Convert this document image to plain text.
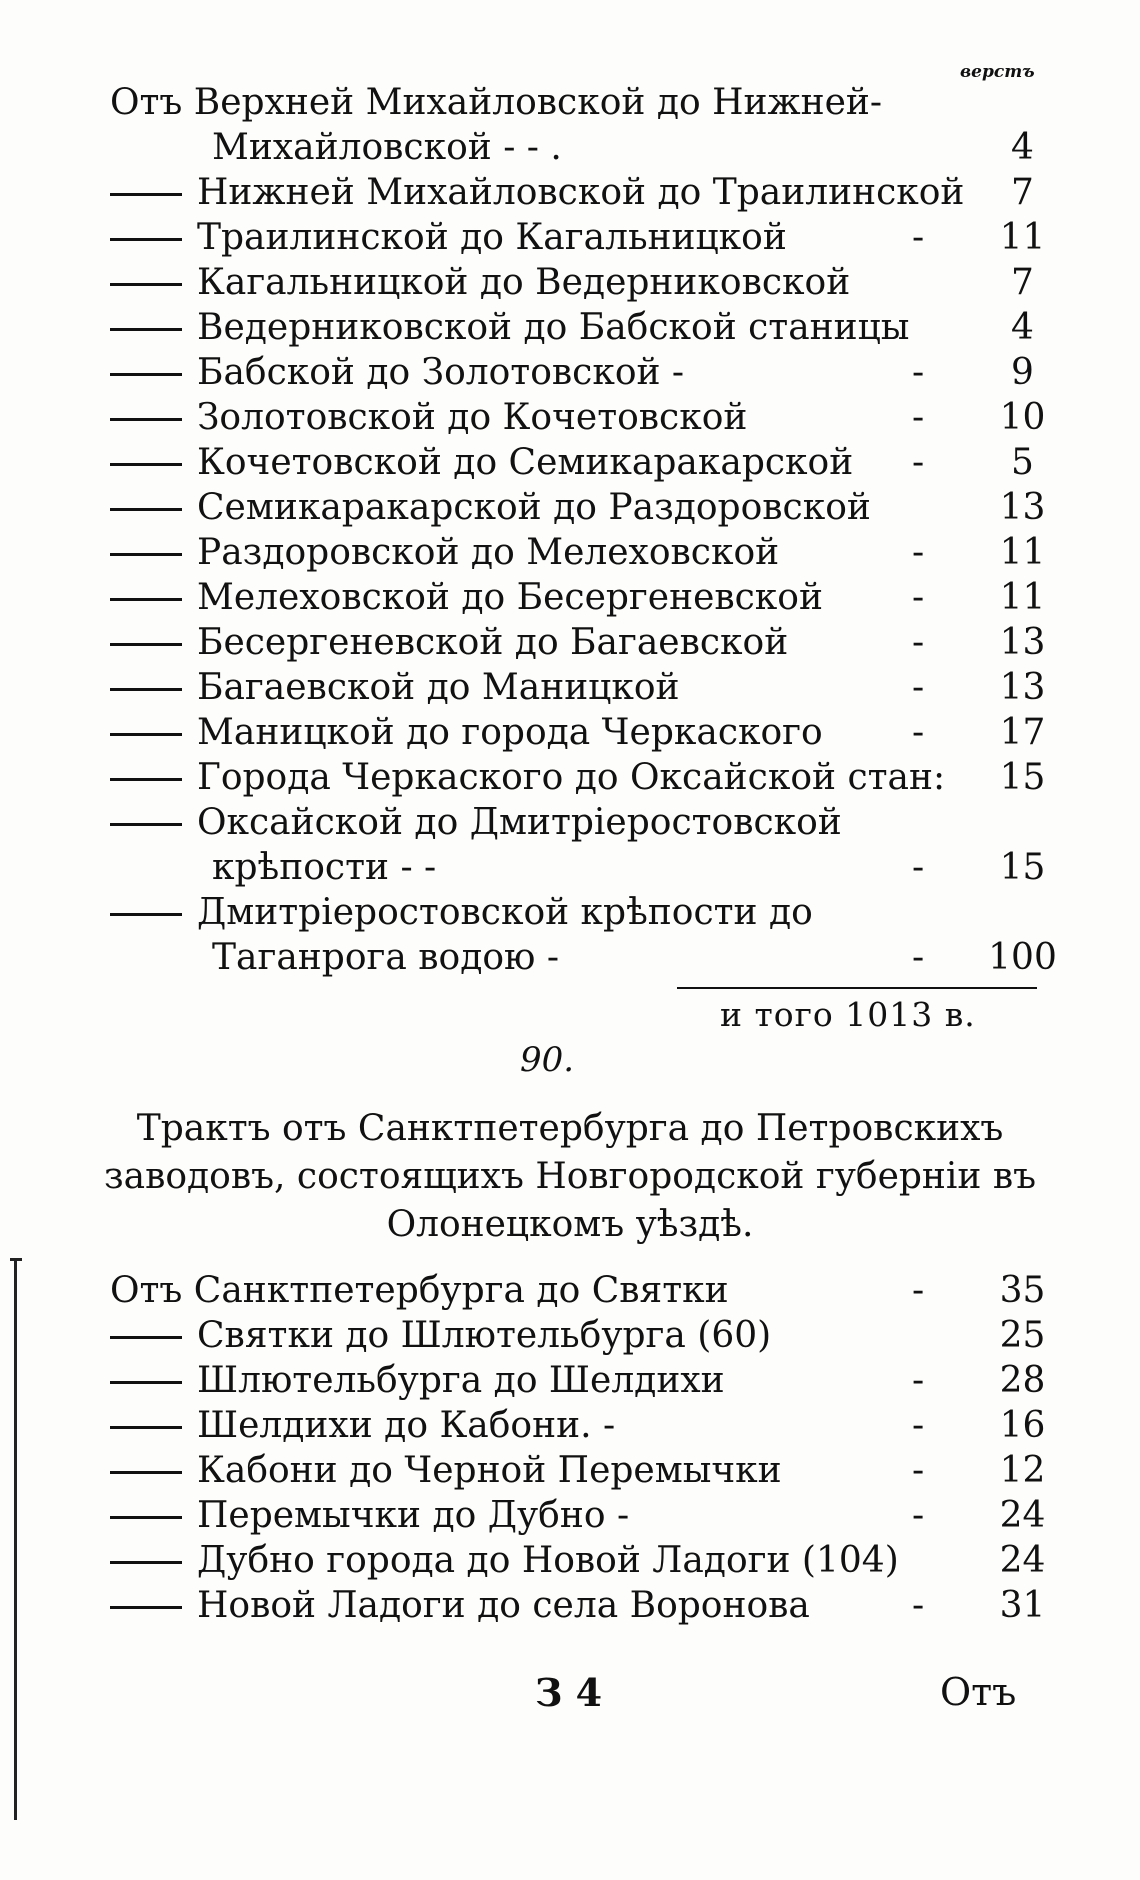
верстъ
Отъ Верхней Михайловской до Нижней-
Михайловской - - .	4
Нижней Михайловской до Траилинской	7
Траилинской до Кагальницкой	-	11
Кагальницкой до Ведерниковской	7
Ведерниковской до Бабской станицы	4
Бабской до Золотовской -	-	9
Золотовской до Кочетовской	-	10
Кочетовской до Семикаракарской -	5
Семикаракарской до Раздоровской	13
Раздоровской до Мелеховской	-	11
Мелеховской до Бесергеневской -	11
Бесергеневской до Багаевской	-	13
Багаевской до Маницкой	-	13
Маницкой до города Черкаского -	17
Города Черкаского до Оксайской стан:	15
Оксайской до Дмитріеростовской
крѣпости - -	-	15
Дмитріеростовской крѣпости до
Таганрога водою -	- 100
и того 1013 в.
90.
Трактъ отъ Санктпетербурга до Петровскихъ заводовъ, состоящихъ Новгородской губерніи въ Олонецкомъ уѣздѣ.
Отъ Санктпетербурга до Святки	-	35
Святки до Шлютельбурга (60)	25
Шлютельбурга до Шелдихи	-	28
Шелдихи до Кабони. -	-	16
Кабони до Черной Перемычки	-	12
Перемычки до Дубно -	-	24
Дубно города до Новой Ладоги (104)	24
Новой Ладоги до села Воронова	-	31
З 4	Отъ
